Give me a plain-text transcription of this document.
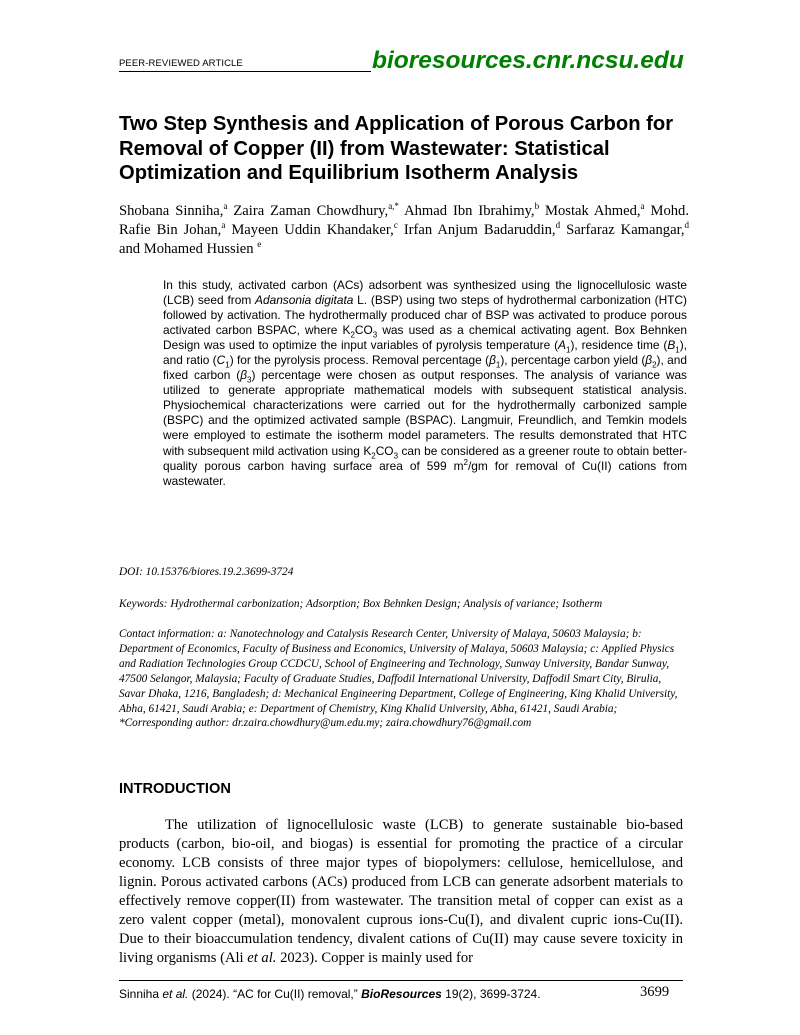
PEER-REVIEWED ARTICLE	bioresources.cnr.ncsu.edu
Two Step Synthesis and Application of Porous Carbon for Removal of Copper (II) from Wastewater: Statistical Optimization and Equilibrium Isotherm Analysis
Shobana Sinniha,$^a$ Zaira Zaman Chowdhury,$^{a,*}$ Ahmad Ibn Ibrahimy,$^b$ Mostak Ahmed,$^a$ Mohd. Rafie Bin Johan,$^a$ Mayeen Uddin Khandaker,$^c$ Irfan Anjum Badaruddin,$^d$ Sarfaraz Kamangar,$^d$ and Mohamed Hussien $^e$
In this study, activated carbon (ACs) adsorbent was synthesized using the lignocellulosic waste (LCB) seed from Adansonia digitata L. (BSP) using two steps of hydrothermal carbonization (HTC) followed by activation. The hydrothermally produced char of BSP was activated to produce porous activated carbon BSPAC, where $K_2CO_3$ was used as a chemical activating agent. Box Behnken Design was used to optimize the input variables of pyrolysis temperature $(A_1)$, residence time $(B_1)$, and ratio $(C_1)$ for the pyrolysis process. Removal percentage $(\beta_1)$, percentage carbon yield $(\beta_2)$, and fixed carbon $(\beta_3)$ percentage were chosen as output responses. The analysis of variance was utilized to generate appropriate mathematical models with subsequent statistical analysis. Physiochemical characterizations were carried out for the hydrothermally carbonized sample (BSPC) and the optimized activated sample (BSPAC). Langmuir, Freundlich, and Temkin models were employed to estimate the isotherm model parameters. The results demonstrated that HTC with subsequent mild activation using $K_2CO_3$ can be considered as a greener route to obtain better-quality porous carbon having surface area of 599 $m^2/gm$ for removal of Cu(II) cations from wastewater.
DOI: 10.15376/biores.19.2.3699-3724
Keywords: Hydrothermal carbonization; Adsorption; Box Behnken Design; Analysis of variance; Isotherm
Contact information: a: Nanotechnology and Catalysis Research Center, University of Malaya, 50603 Malaysia; b: Department of Economics, Faculty of Business and Economics, University of Malaya, 50603 Malaysia; c: Applied Physics and Radiation Technologies Group CCDCU, School of Engineering and Technology, Sunway University, Bandar Sunway, 47500 Selangor, Malaysia; Faculty of Graduate Studies, Daffodil International University, Daffodil Smart City, Birulia, Savar Dhaka, 1216, Bangladesh; d: Mechanical Engineering Department, College of Engineering, King Khalid University, Abha, 61421, Saudi Arabia; e: Department of Chemistry, King Khalid University, Abha, 61421, Saudi Arabia; *Corresponding author: dr.zaira.chowdhury@um.edu.my; zaira.chowdhury76@gmail.com
INTRODUCTION
The utilization of lignocellulosic waste (LCB) to generate sustainable bio-based products (carbon, bio-oil, and biogas) is essential for promoting the practice of a circular economy. LCB consists of three major types of biopolymers: cellulose, hemicellulose, and lignin. Porous activated carbons (ACs) produced from LCB can generate adsorbent materials to effectively remove copper(II) from wastewater. The transition metal of copper can exist as a zero valent copper (metal), monovalent cuprous ions-Cu(I), and divalent cupric ions-Cu(II). Due to their bioaccumulation tendency, divalent cations of Cu(II) may cause severe toxicity in living organisms (Ali et al. 2023). Copper is mainly used for
Sinniha et al. (2024). “AC for Cu(II) removal,” BioResources 19(2), 3699-3724.	3699
